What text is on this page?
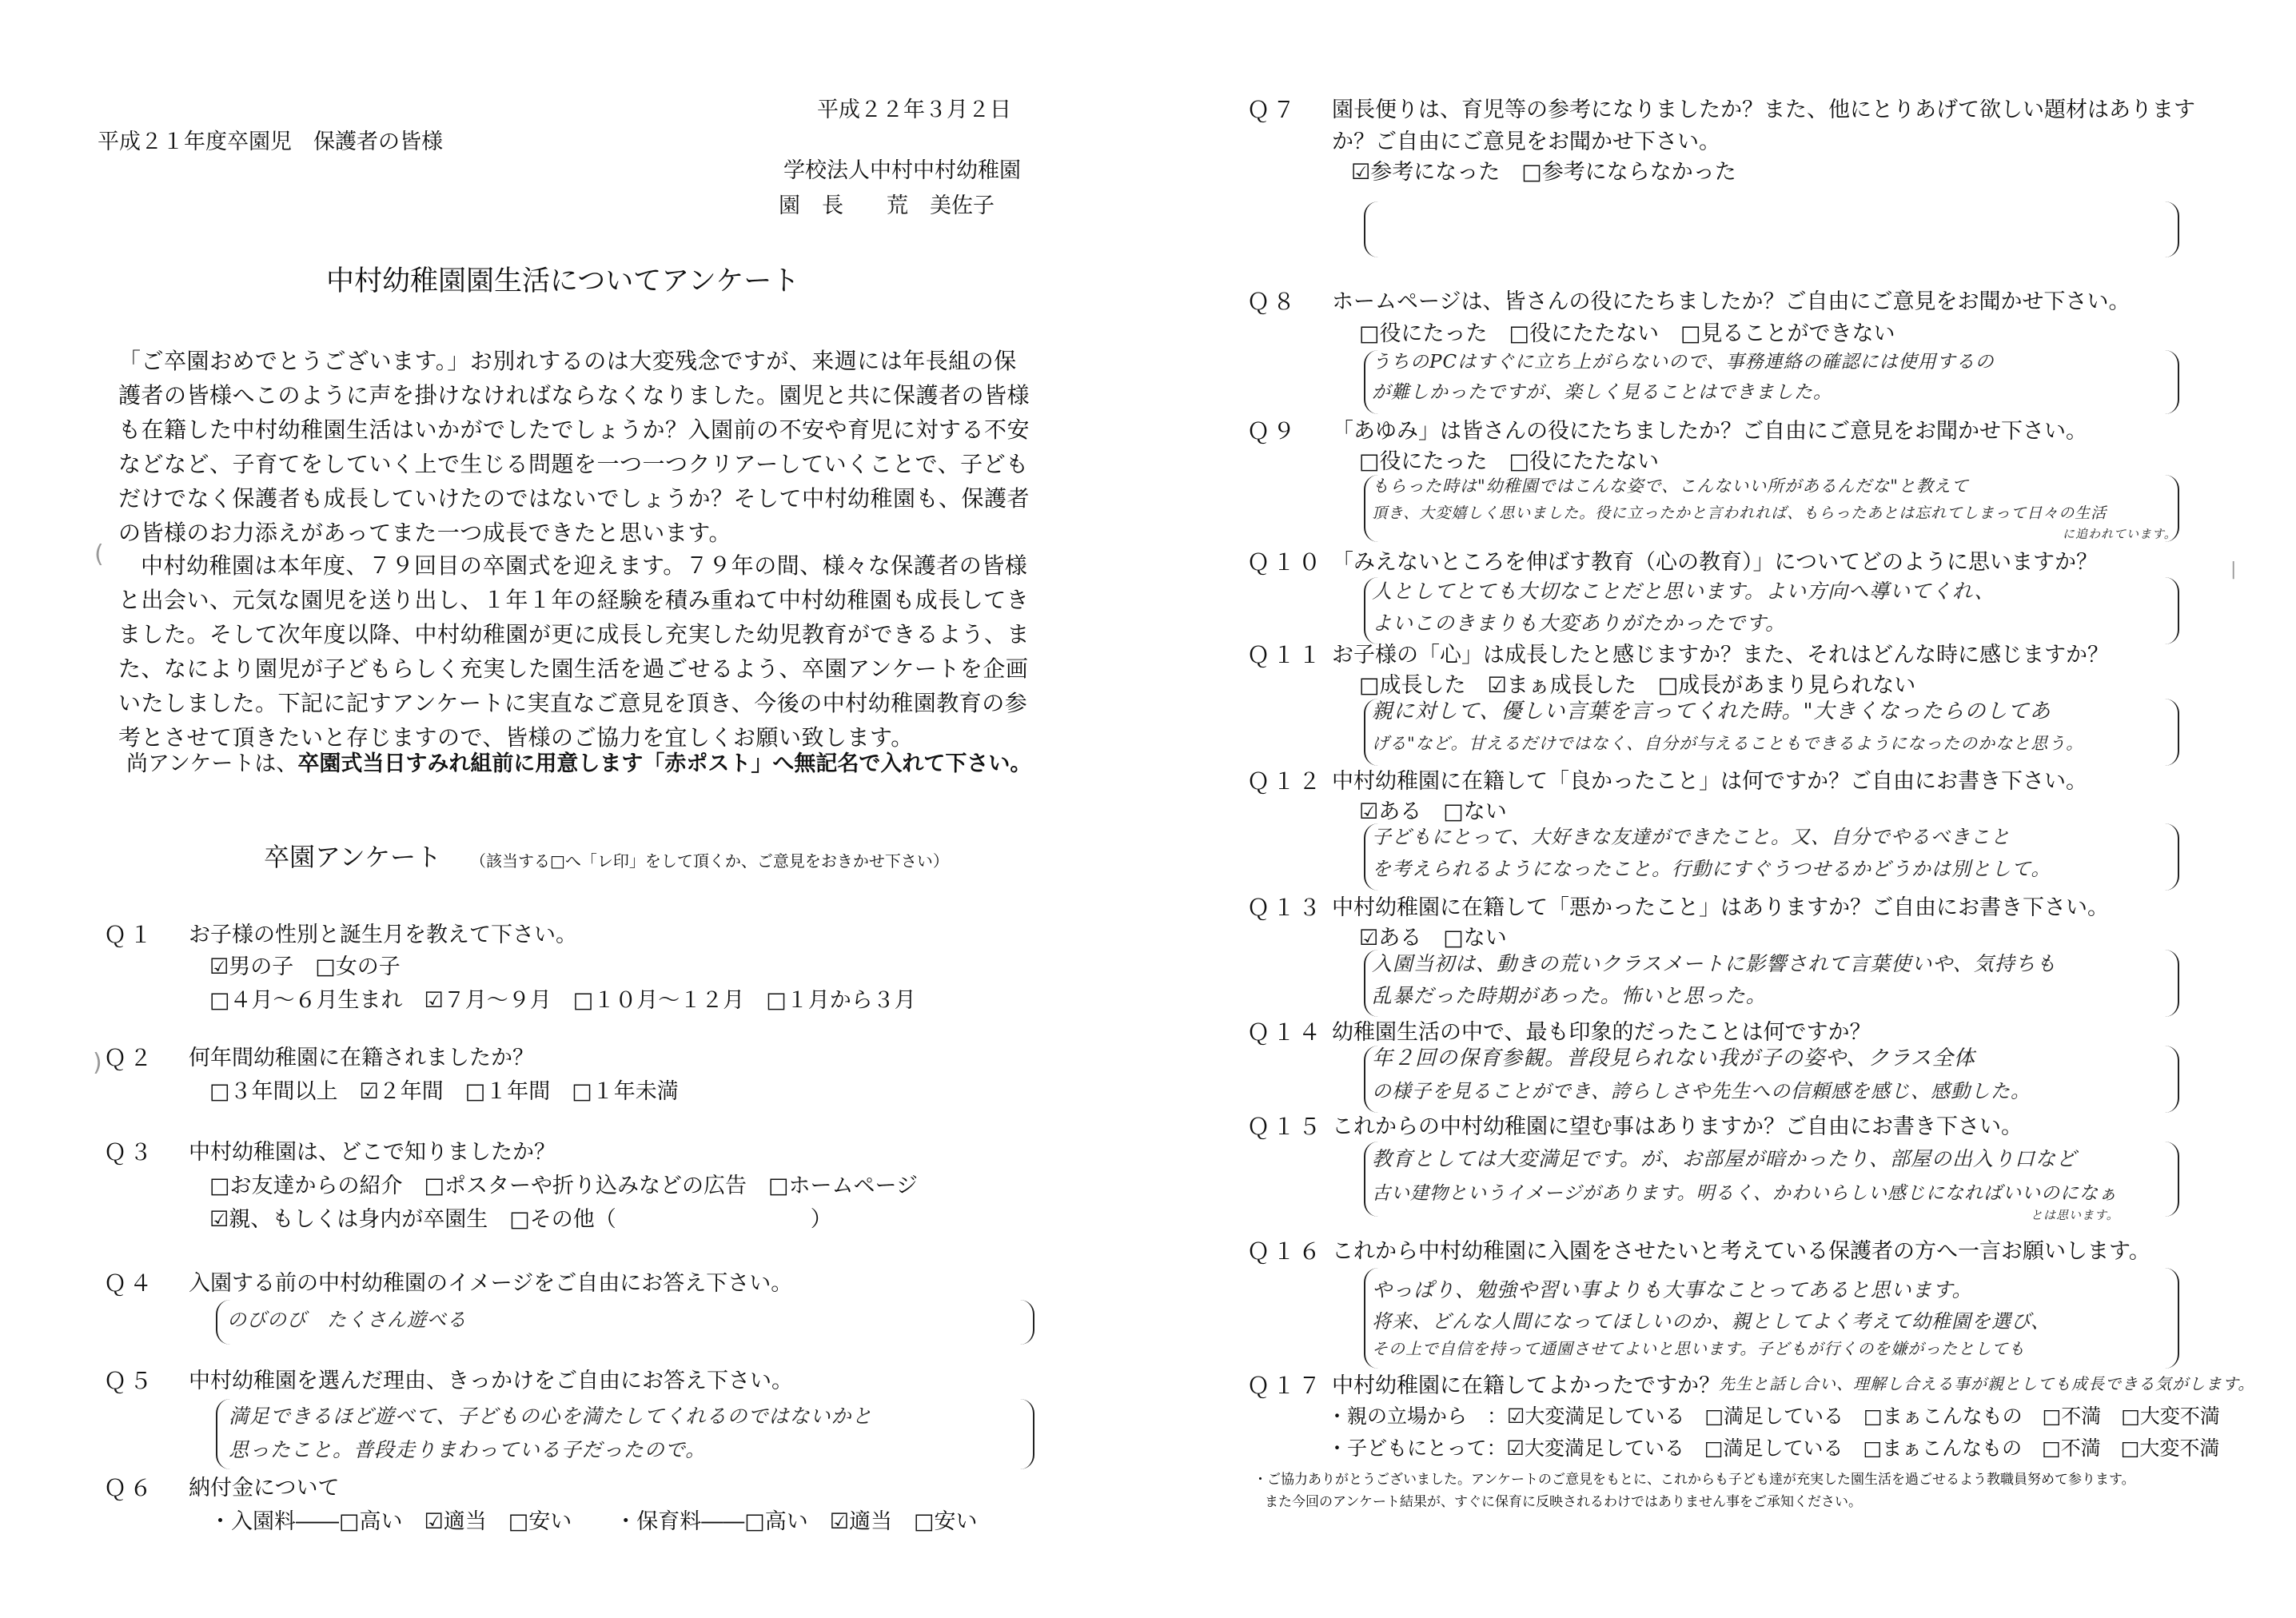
平成２２年３月２日
平成２１年度卒園児　保護者の皆様
学校法人中村中村幼稚園
園　長　　荒　美佐子
中村幼稚園園生活についてアンケート
「ご卒園おめでとうございます。」お別れするのは大変残念ですが、来週には年長組の保護者の皆様へこのように声を掛けなければならなくなりました。園児と共に保護者の皆様も在籍した中村幼稚園生活はいかがでしたでしょうか？入園前の不安や育児に対する不安などなど、子育てをしていく上で生じる問題を一つ一つクリアーしていくことで、子どもだけでなく保護者も成長していけたのではないでしょうか？そして中村幼稚園も、保護者の皆様のお力添えがあってまた一つ成長できたと思います。
中村幼稚園は本年度、７９回目の卒園式を迎えます。７９年の間、様々な保護者の皆様と出会い、元気な園児を送り出し、１年１年の経験を積み重ねて中村幼稚園も成長してきました。そして次年度以降、中村幼稚園が更に成長し充実した幼児教育ができるよう、また、なにより園児が子どもらしく充実した園生活を過ごせるよう、卒園アンケートを企画いたしました。下記に記すアンケートに実直なご意見を頂き、今後の中村幼稚園教育の参考とさせて頂きたいと存じますので、皆様のご協力を宜しくお願い致します。
尚アンケートは、卒園式当日すみれ組前に用意します「赤ポスト」へ無記名で入れて下さい。
卒園アンケート （該当する□へ「レ印」をして頂くか、ご意見をおきかせ下さい）
Ｑ１ お子様の性別と誕生月を教えて下さい。
☑男の子　□女の子
□４月～６月生まれ　☑７月～９月　□１０月～１２月　□１月から３月
Ｑ２ 何年間幼稚園に在籍されましたか？
□３年間以上　☑２年間　□１年間　□１年未満
Ｑ３ 中村幼稚園は、どこで知りましたか？
□お友達からの紹介　□ポスターや折り込みなどの広告　□ホームページ
☑親、もしくは身内が卒園生　□その他（　　　　　　　　　）
Ｑ４ 入園する前の中村幼稚園のイメージをご自由にお答え下さい。
のびのび　たくさん遊べる
Ｑ５ 中村幼稚園を選んだ理由、きっかけをご自由にお答え下さい。
満足できるほど遊べて、子どもの心を満たしてくれるのではないかと
思ったこと。普段走りまわっている子だったので。
Ｑ６ 納付金について
・入園料――□高い　☑適当　□安い　　・保育料――□高い　☑適当　□安い
Ｑ７ 園長便りは、育児等の参考になりましたか？また、他にとりあげて欲しい題材はあります
か？ご自由にご意見をお聞かせ下さい。
☑参考になった　□参考にならなかった
Ｑ８ ホームページは、皆さんの役にたちましたか？ご自由にご意見をお聞かせ下さい。
□役にたった　□役にたたない　□見ることができない
うちのPCはすぐに立ち上がらないので、事務連絡の確認には使用するの
が難しかったですが、楽しく見ることはできました。
Ｑ９ 「あゆみ」は皆さんの役にたちましたか？ご自由にご意見をお聞かせ下さい。
□役にたった　□役にたたない
もらった時は"幼稚園ではこんな姿で、こんないい所があるんだな"と教えて
頂き、大変嬉しく思いました。役に立ったかと言われれば、もらったあとは忘れてしまって日々の生活
に追われています。
Ｑ１０ 「みえないところを伸ばす教育（心の教育）」についてどのように思いますか？
人としてとても大切なことだと思います。よい方向へ導いてくれ、
よいこのきまりも大変ありがたかったです。
Ｑ１１ お子様の「心」は成長したと感じますか？また、それはどんな時に感じますか？
□成長した　☑まぁ成長した　□成長があまり見られない
親に対して、優しい言葉を言ってくれた時。"大きくなったらのしてあ
げる"など。甘えるだけではなく、自分が与えることもできるようになったのかなと思う。
Ｑ１２ 中村幼稚園に在籍して「良かったこと」は何ですか？ご自由にお書き下さい。
☑ある　□ない
子どもにとって、大好きな友達ができたこと。又、自分でやるべきこと
を考えられるようになったこと。行動にすぐうつせるかどうかは別として。
Ｑ１３ 中村幼稚園に在籍して「悪かったこと」はありますか？ご自由にお書き下さい。
☑ある　□ない
入園当初は、動きの荒いクラスメートに影響されて言葉使いや、気持ちも
乱暴だった時期があった。怖いと思った。
Ｑ１４ 幼稚園生活の中で、最も印象的だったことは何ですか？
年２回の保育参観。普段見られない我が子の姿や、クラス全体
の様子を見ることができ、誇らしさや先生への信頼感を感じ、感動した。
Ｑ１５ これからの中村幼稚園に望む事はありますか？ご自由にお書き下さい。
教育としては大変満足です。が、お部屋が暗かったり、部屋の出入り口など
古い建物というイメージがあります。明るく、かわいらしい感じになればいいのになぁ
とは思います。
Ｑ１６ これから中村幼稚園に入園をさせたいと考えている保護者の方へ一言お願いします。
やっぱり、勉強や習い事よりも大事なことってあると思います。
将来、どんな人間になってほしいのか、親としてよく考えて幼稚園を選び、
その上で自信を持って通園させてよいと思います。子どもが行くのを嫌がったとしても
Ｑ１７ 中村幼稚園に在籍してよかったですか？
先生と話し合い、理解し合える事が親としても成長できる気がします。
・親の立場から　：☑大変満足している　□満足している　□まぁこんなもの　□不満　□大変不満
・子どもにとって：☑大変満足している　□満足している　□まぁこんなもの　□不満　□大変不満
・ご協力ありがとうございました。アンケートのご意見をもとに、これからも子ども達が充実した園生活を過ごせるよう教職員努めて参ります。
また今回のアンケート結果が、すぐに保育に反映されるわけではありません事をご承知ください。
(
)
|
